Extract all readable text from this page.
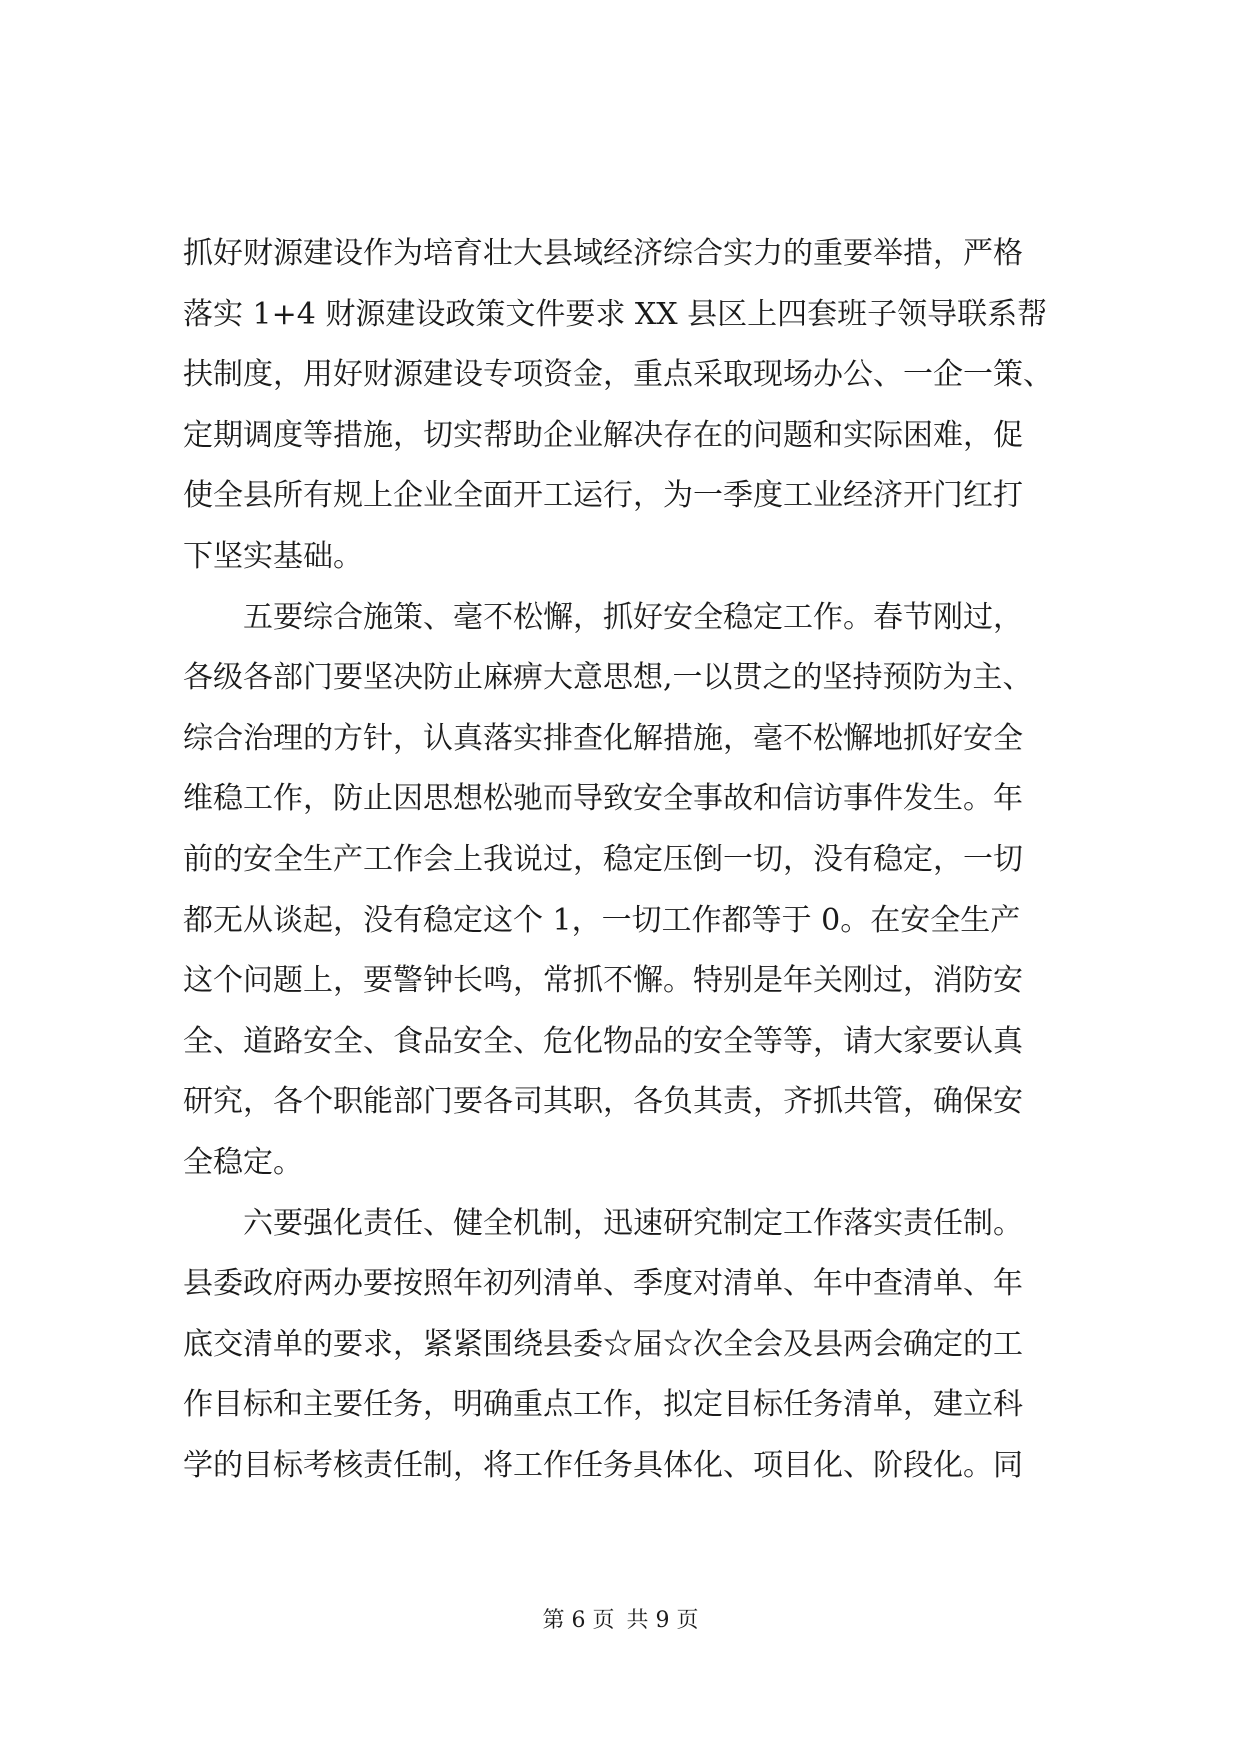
抓好财源建设作为培育壮大县域经济综合实力的重要举措，严格
落实 1+4 财源建设政策文件要求 XX 县区上四套班子领导联系帮
扶制度，用好财源建设专项资金，重点采取现场办公、一企一策、
定期调度等措施，切实帮助企业解决存在的问题和实际困难，促
使全县所有规上企业全面开工运行，为一季度工业经济开门红打
下坚实基础。
五要综合施策、毫不松懈，抓好安全稳定工作。春节刚过，
各级各部门要坚决防止麻痹大意思想,一以贯之的坚持预防为主、
综合治理的方针，认真落实排查化解措施，毫不松懈地抓好安全
维稳工作，防止因思想松驰而导致安全事故和信访事件发生。年
前的安全生产工作会上我说过，稳定压倒一切，没有稳定，一切
都无从谈起，没有稳定这个 1，一切工作都等于 0。在安全生产
这个问题上，要警钟长鸣，常抓不懈。特别是年关刚过，消防安
全、道路安全、食品安全、危化物品的安全等等，请大家要认真
研究，各个职能部门要各司其职，各负其责，齐抓共管，确保安
全稳定。
六要强化责任、健全机制，迅速研究制定工作落实责任制。
县委政府两办要按照年初列清单、季度对清单、年中查清单、年
底交清单的要求，紧紧围绕县委☆届☆次全会及县两会确定的工
作目标和主要任务，明确重点工作，拟定目标任务清单，建立科
学的目标考核责任制，将工作任务具体化、项目化、阶段化。同
第 6 页 共 9 页
